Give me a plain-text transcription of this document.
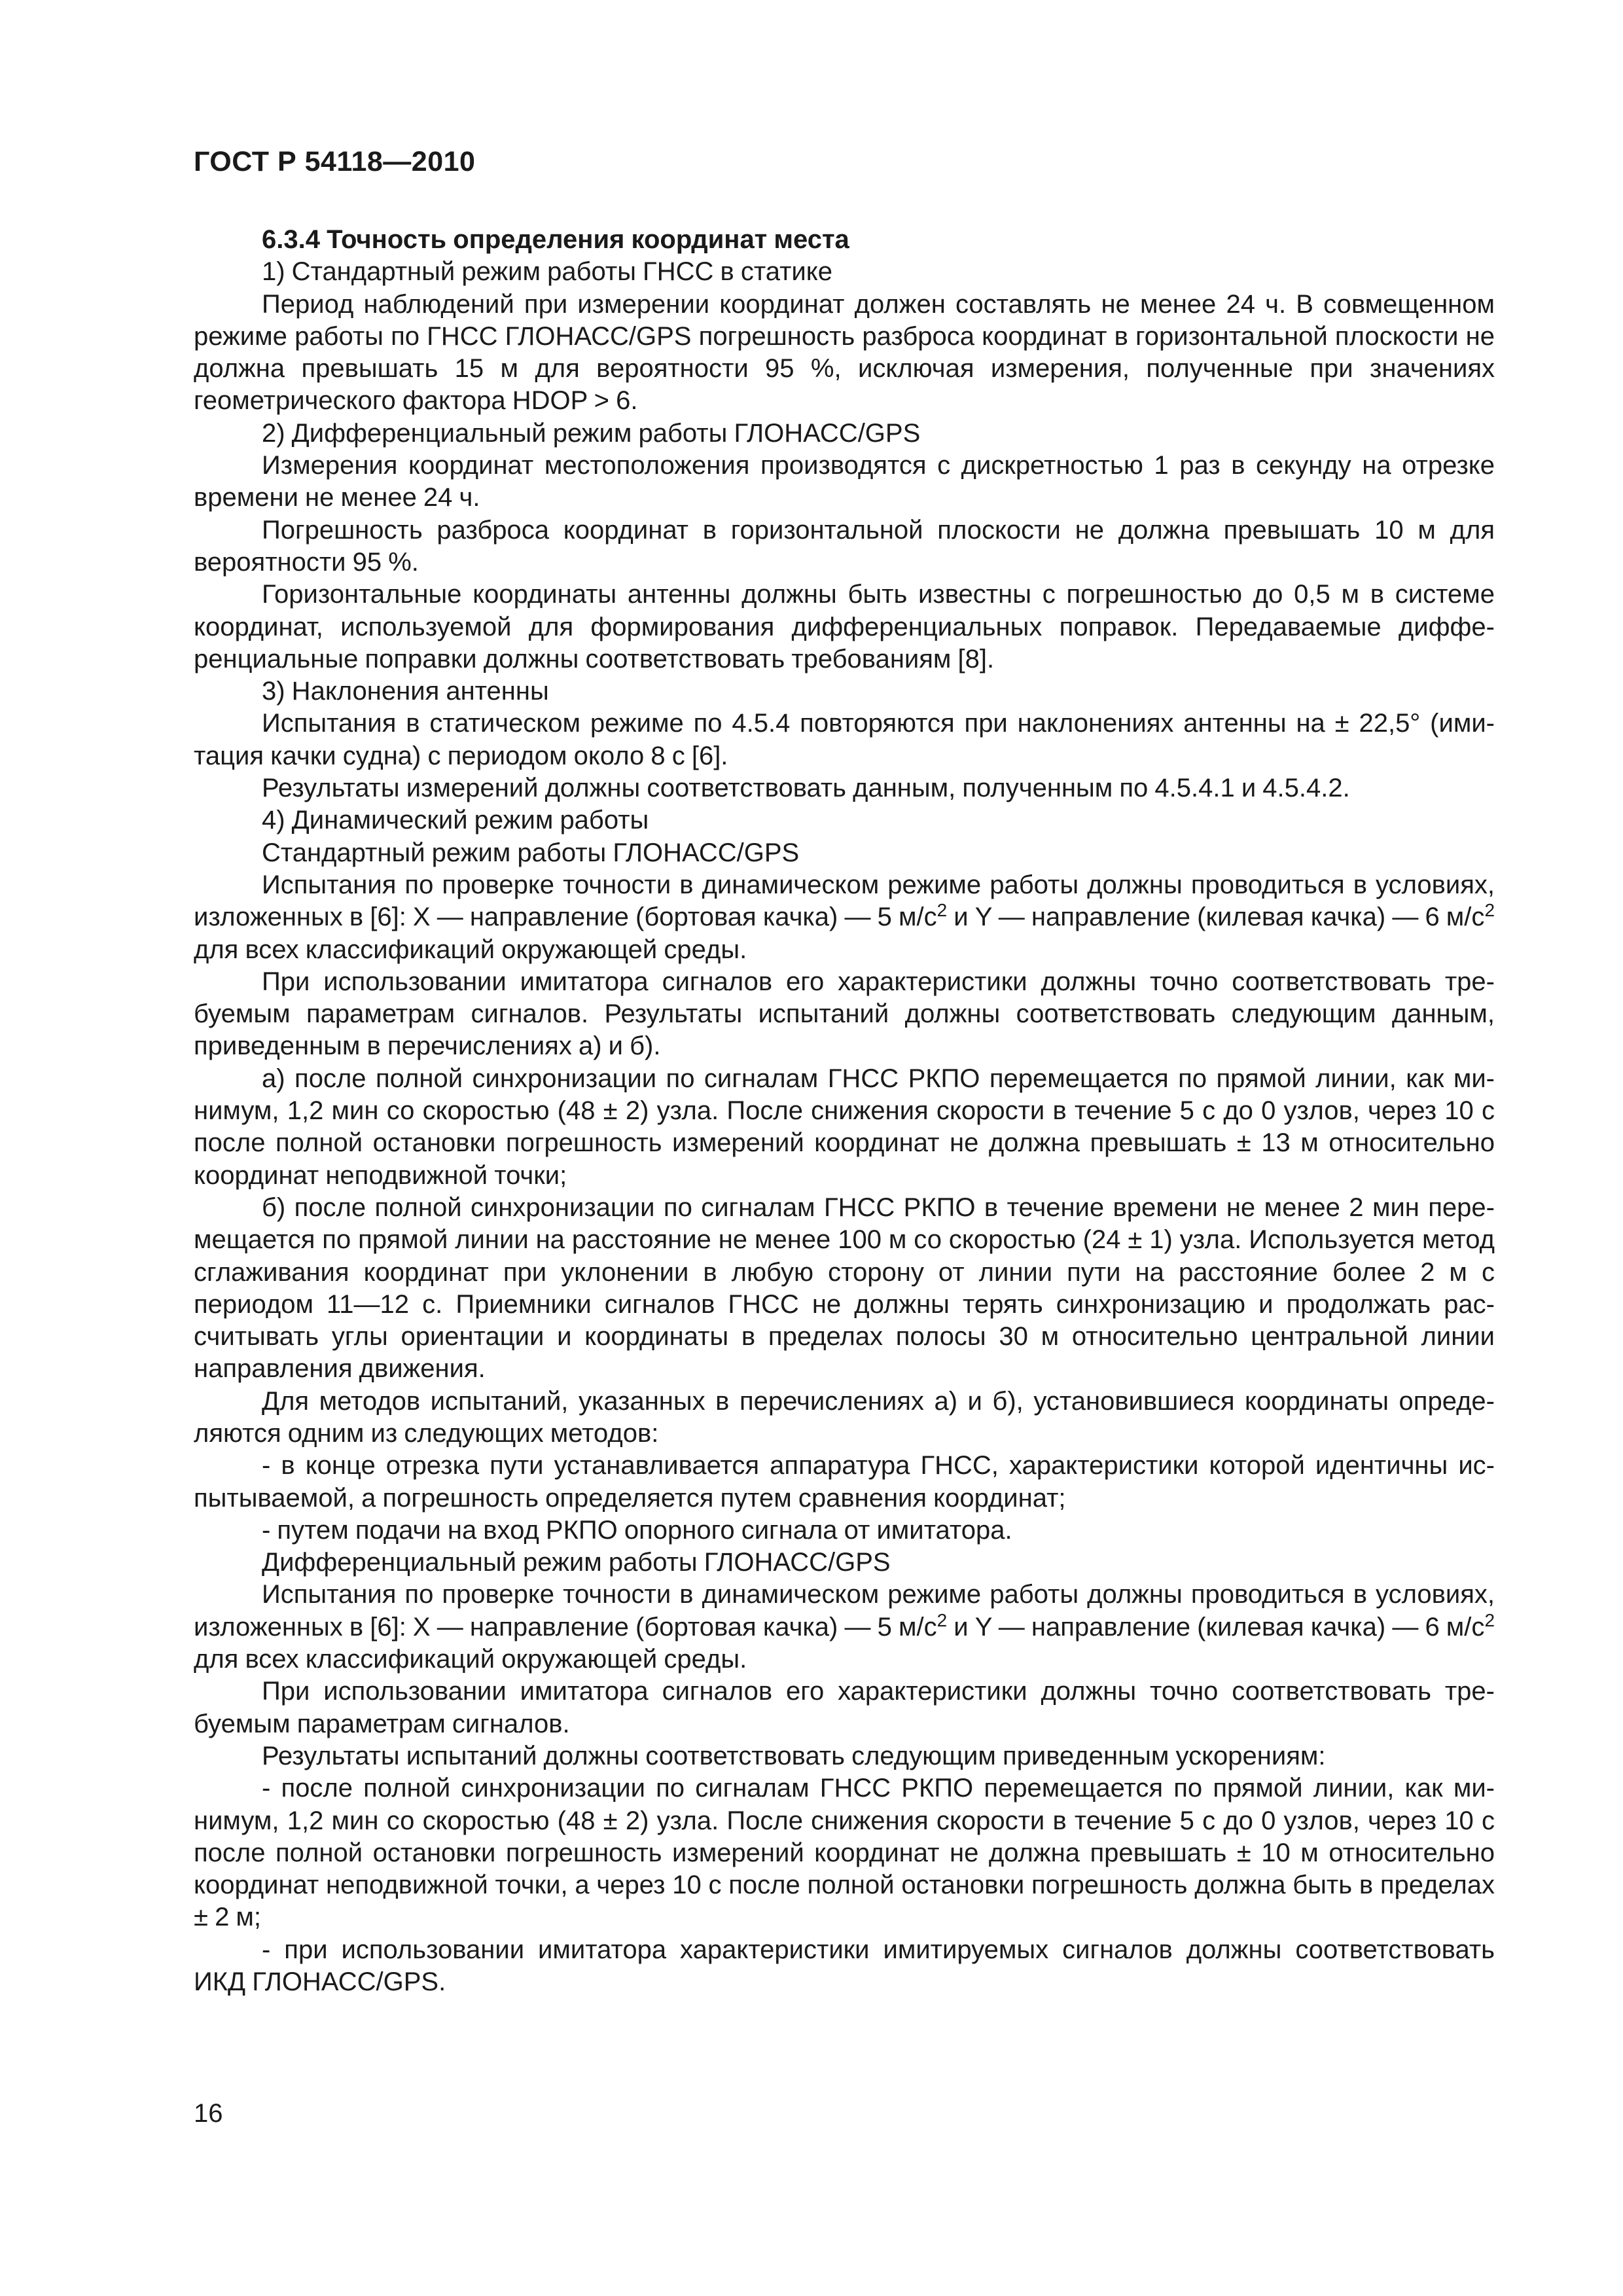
ГОСТ Р 54118—2010

6.3.4 Точность определения координат места

1) Стандартный режим работы ГНСС в статике

Период наблюдений при измерении координат должен составлять не менее 24 ч. В совмещенном режиме работы по ГНСС ГЛОНАСС/GPS погрешность разброса координат в горизонтальной плоскости не должна превышать 15 м для вероятности 95 %, исключая измерения, полученные при значениях геометрического фактора HDOP > 6.

2) Дифференциальный режим работы ГЛОНАСС/GPS

Измерения координат местоположения производятся с дискретностью 1 раз в секунду на отрезке времени не менее 24 ч.

Погрешность разброса координат в горизонтальной плоскости не должна превышать 10 м для вероятности 95 %.

Горизонтальные координаты антенны должны быть известны с погрешностью до 0,5 м в системе координат, используемой для формирования дифференциальных поправок. Передаваемые дифференциальные поправки должны соответствовать требованиям [8].

3) Наклонения антенны

Испытания в статическом режиме по 4.5.4 повторяются при наклонениях антенны на ± 22,5° (имитация качки судна) с периодом около 8 с [6].

Результаты измерений должны соответствовать данным, полученным по 4.5.4.1 и 4.5.4.2.

4) Динамический режим работы

Стандартный режим работы ГЛОНАСС/GPS

Испытания по проверке точности в динамическом режиме работы должны проводиться в условиях, изложенных в [6]: X — направление (бортовая качка) — 5 $м/с^2$ и Y — направление (килевая качка) — 6 $м/с^2$ для всех классификаций окружающей среды.

При использовании имитатора сигналов его характеристики должны точно соответствовать требуемым параметрам сигналов. Результаты испытаний должны соответствовать следующим данным, приведенным в перечислениях а) и б).

а) после полной синхронизации по сигналам ГНСС РКПО перемещается по прямой линии, как минимум, 1,2 мин со скоростью (48 ± 2) узла. После снижения скорости в течение 5 с до 0 узлов, через 10 с после полной остановки погрешность измерений координат не должна превышать ± 13 м относительно координат неподвижной точки;

б) после полной синхронизации по сигналам ГНСС РКПО в течение времени не менее 2 мин перемещается по прямой линии на расстояние не менее 100 м со скоростью (24 ± 1) узла. Используется метод сглаживания координат при уклонении в любую сторону от линии пути на расстояние более 2 м с периодом 11—12 с. Приемники сигналов ГНСС не должны терять синхронизацию и продолжать рассчитывать углы ориентации и координаты в пределах полосы 30 м относительно центральной линии направления движения.

Для методов испытаний, указанных в перечислениях а) и б), установившиеся координаты определяются одним из следующих методов:

- в конце отрезка пути устанавливается аппаратура ГНСС, характеристики которой идентичны испытываемой, а погрешность определяется путем сравнения координат;

- путем подачи на вход РКПО опорного сигнала от имитатора.

Дифференциальный режим работы ГЛОНАСС/GPS

Испытания по проверке точности в динамическом режиме работы должны проводиться в условиях, изложенных в [6]: X — направление (бортовая качка) — 5 $м/с^2$ и Y — направление (килевая качка) — 6 $м/с^2$ для всех классификаций окружающей среды.

При использовании имитатора сигналов его характеристики должны точно соответствовать требуемым параметрам сигналов.

Результаты испытаний должны соответствовать следующим приведенным ускорениям:

- после полной синхронизации по сигналам ГНСС РКПО перемещается по прямой линии, как минимум, 1,2 мин со скоростью (48 ± 2) узла. После снижения скорости в течение 5 с до 0 узлов, через 10 с после полной остановки погрешность измерений координат не должна превышать ± 10 м относительно координат неподвижной точки, а через 10 с после полной остановки погрешность должна быть в пределах ± 2 м;

- при использовании имитатора характеристики имитируемых сигналов должны соответствовать ИКД ГЛОНАСС/GPS.

16
